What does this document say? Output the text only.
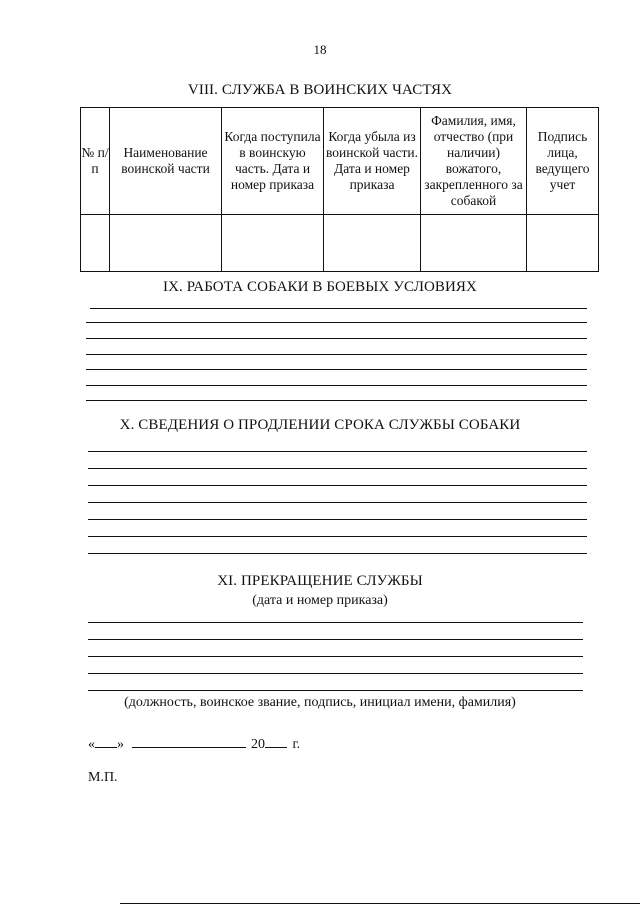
18
VIII. СЛУЖБА В ВОИНСКИХ ЧАСТЯХ
№ п/п	Наименование воинской части	Когда поступила в воинскую часть. Дата и номер приказа	Когда убыла из воинской части. Дата и номер приказа	Фамилия, имя, отчество (при наличии) вожатого, закрепленного за собакой	Подпись лица, ведущего учет

IX. РАБОТА СОБАКИ В БОЕВЫХ УСЛОВИЯХ
X. СВЕДЕНИЯ О ПРОДЛЕНИИ СРОКА СЛУЖБЫ СОБАКИ
XI. ПРЕКРАЩЕНИЕ СЛУЖБЫ
(дата и номер приказа)
(должность, воинское звание, подпись, инициал имени, фамилия)
« »	20 г.
М.П.
